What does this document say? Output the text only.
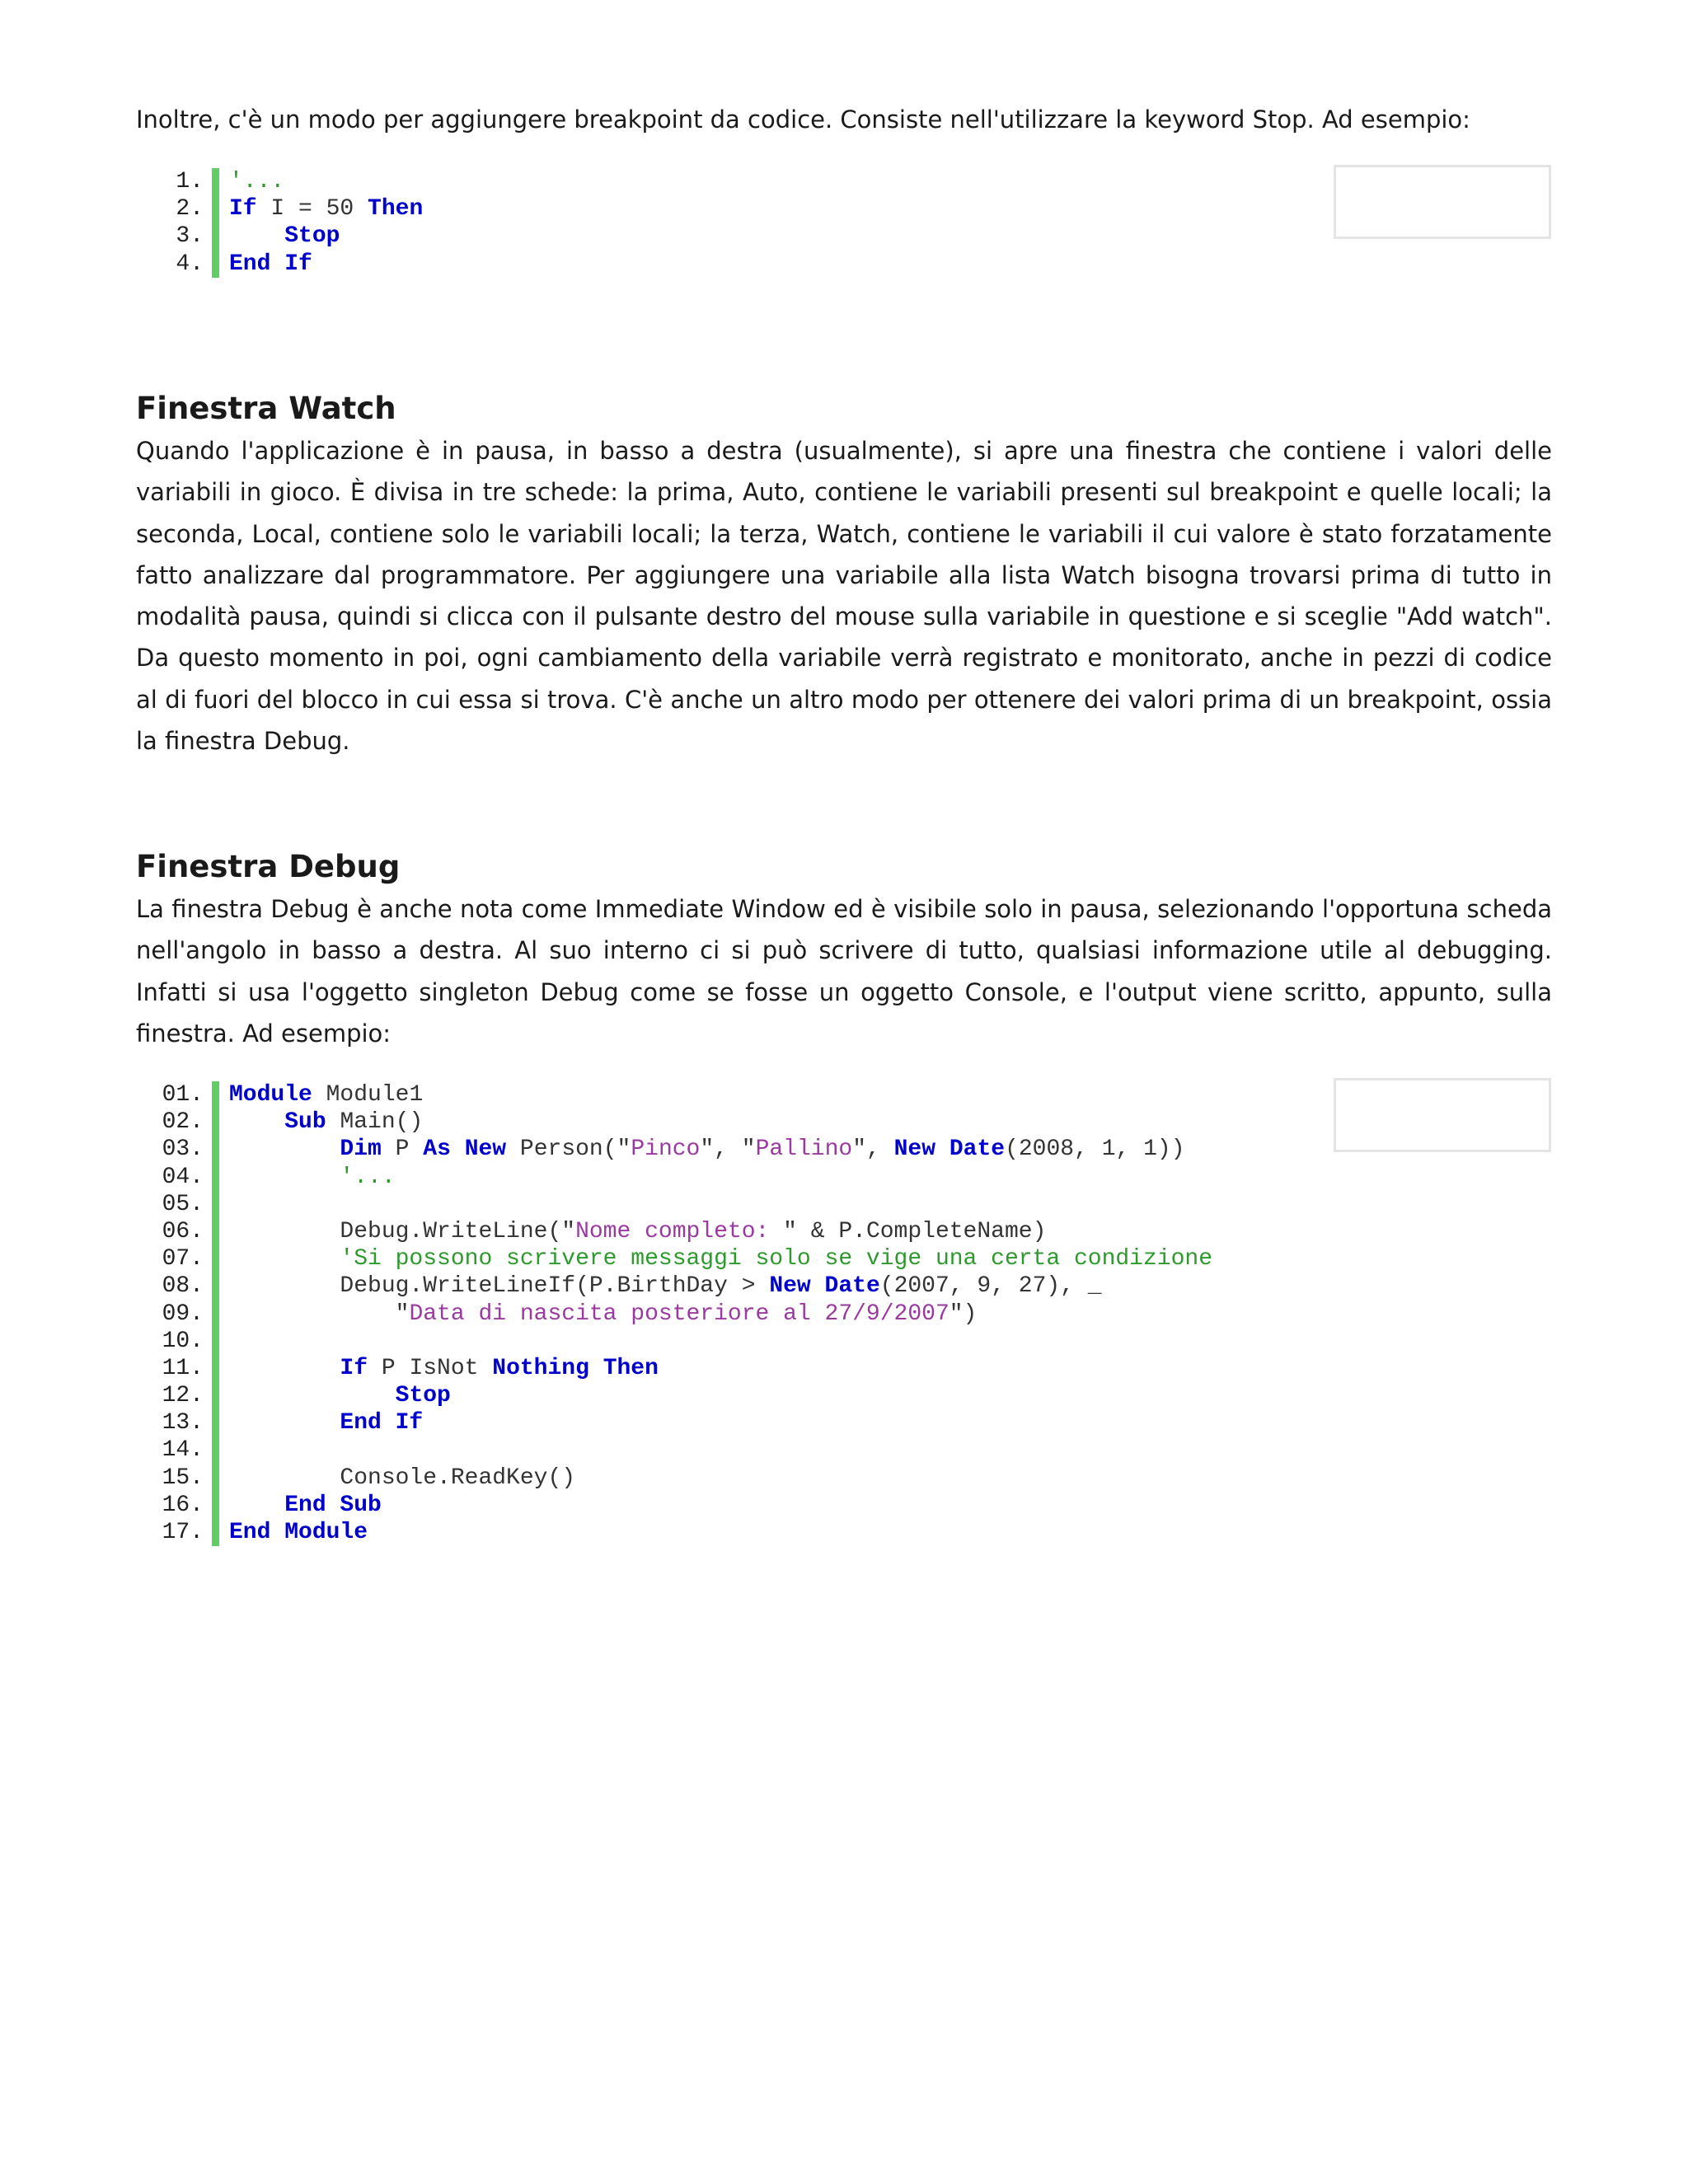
Inoltre, c'è un modo per aggiungere breakpoint da codice. Consiste nell'utilizzare la keyword Stop. Ad esempio:

1.	'...
2.	If I = 50 Then
3.	Stop
4.	End If
Finestra Watch

Quando l'applicazione è in pausa, in basso a destra (usualmente), si apre una finestra che contiene i valori delle variabili in gioco. È divisa in tre schede: la prima, Auto, contiene le variabili presenti sul breakpoint e quelle locali; la seconda, Local, contiene solo le variabili locali; la terza, Watch, contiene le variabili il cui valore è stato forzatamente fatto analizzare dal programmatore. Per aggiungere una variabile alla lista Watch bisogna trovarsi prima di tutto in modalità pausa, quindi si clicca con il pulsante destro del mouse sulla variabile in questione e si sceglie "Add watch". Da questo momento in poi, ogni cambiamento della variabile verrà registrato e monitorato, anche in pezzi di codice al di fuori del blocco in cui essa si trova. C'è anche un altro modo per ottenere dei valori prima di un breakpoint, ossia la finestra Debug.

Finestra Debug

La finestra Debug è anche nota come Immediate Window ed è visibile solo in pausa, selezionando l'opportuna scheda nell'angolo in basso a destra. Al suo interno ci si può scrivere di tutto, qualsiasi informazione utile al debugging. Infatti si usa l'oggetto singleton Debug come se fosse un oggetto Console, e l'output viene scritto, appunto, sulla finestra. Ad esempio:

01.	Module Module1
02.	Sub Main()
03.	Dim P As New Person("Pinco", "Pallino", New Date(2008, 1, 1))
04.	'...
05.
06.	Debug.WriteLine("Nome completo: " & P.CompleteName)
07.	'Si possono scrivere messaggi solo se vige una certa condizione
08.	Debug.WriteLineIf(P.BirthDay > New Date(2007, 9, 27), _
09.	"Data di nascita posteriore al 27/9/2007")
10.
11.	If P IsNot Nothing Then
12.	Stop
13.	End If
14.
15.	Console.ReadKey()
16.	End Sub
17.	End Module
